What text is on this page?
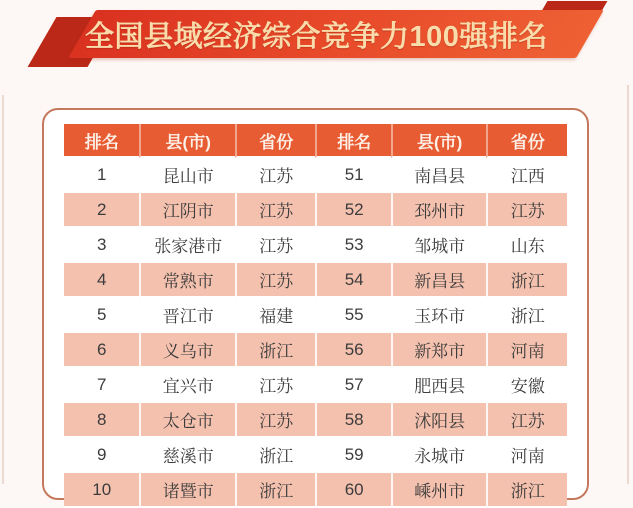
全国县域经济综合竞争力100强排名
排名	县(市)	省份	排名	县(市)	省份
1	昆山市	江苏	51	南昌县	江西
2	江阴市	江苏	52	邳州市	江苏
3	张家港市	江苏	53	邹城市	山东
4	常熟市	江苏	54	新昌县	浙江
5	晋江市	福建	55	玉环市	浙江
6	义乌市	浙江	56	新郑市	河南
7	宜兴市	江苏	57	肥西县	安徽
8	太仓市	江苏	58	沭阳县	江苏
9	慈溪市	浙江	59	永城市	河南
10	诸暨市	浙江	60	嵊州市	浙江
